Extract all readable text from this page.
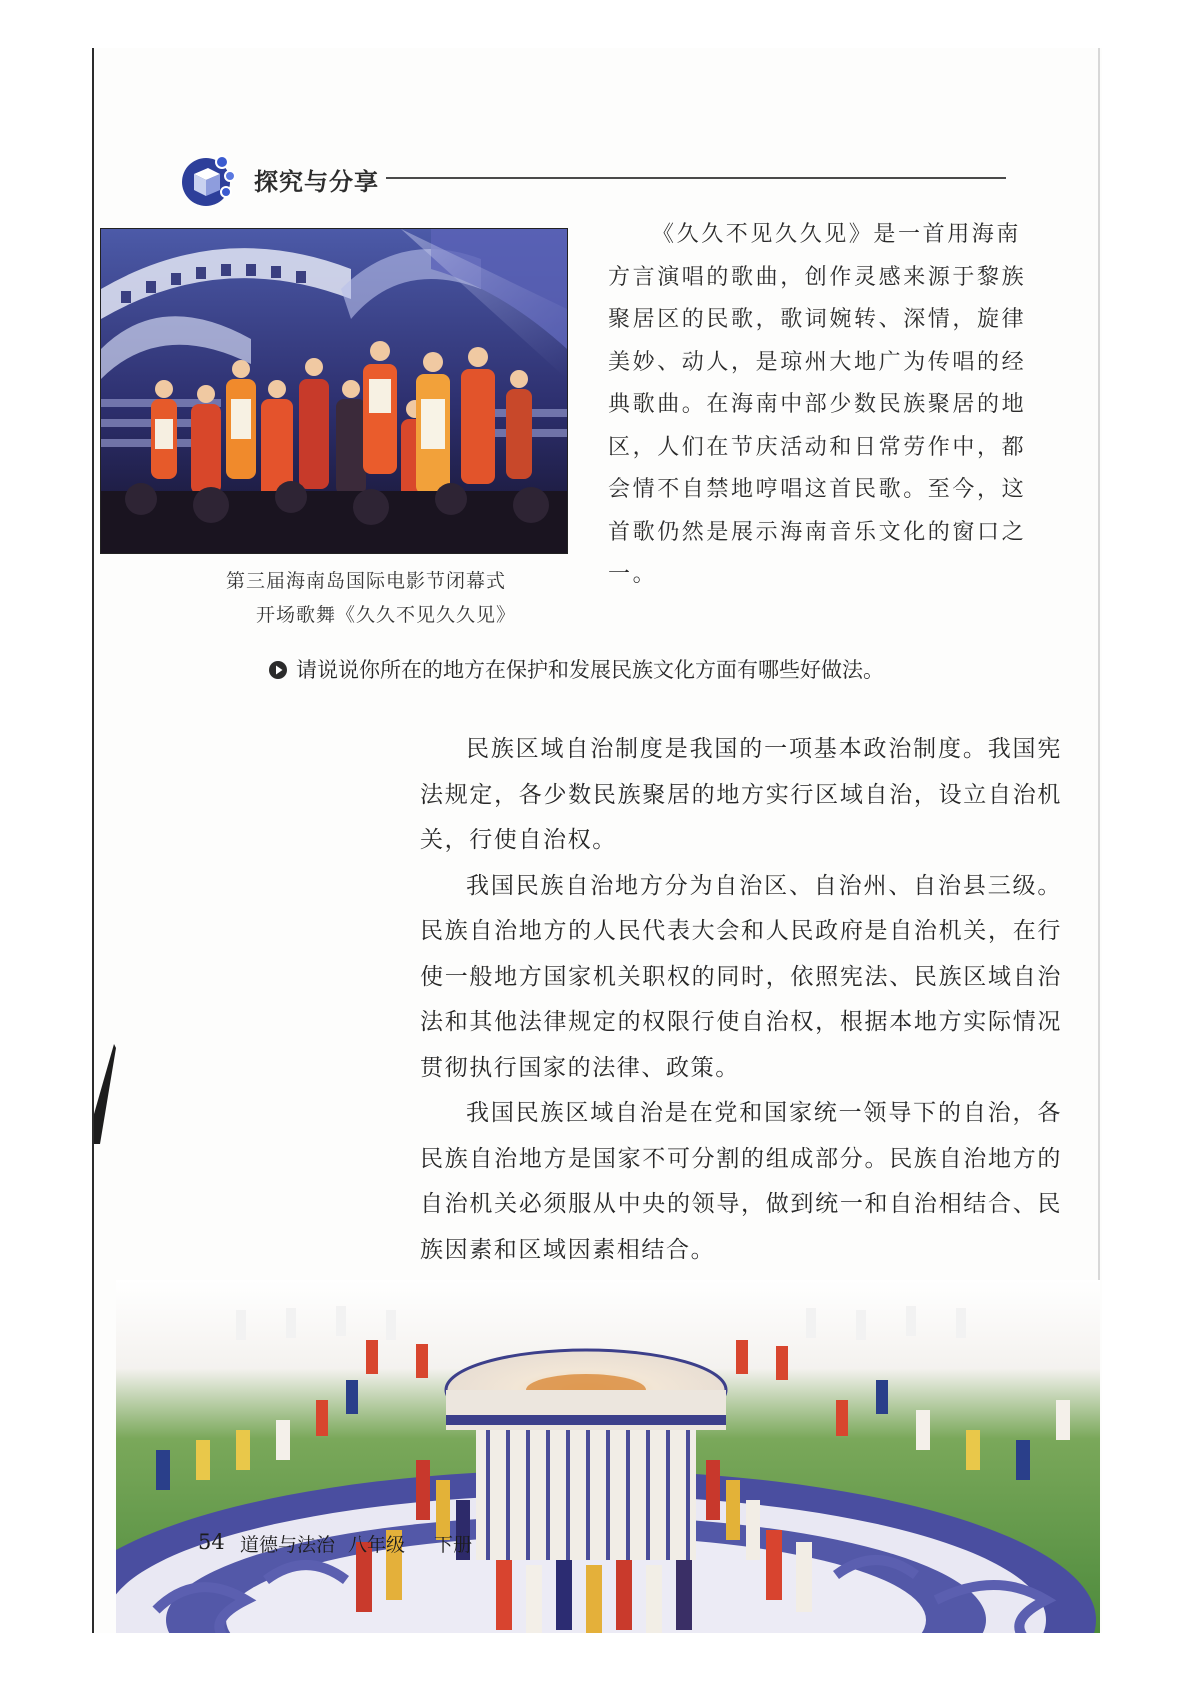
探究与分享
第三届海南岛国际电影节闭幕式
开场歌舞《久久不见久久见》

《久久不见久久见》是一首用海南方言演唱的歌曲，创作灵感来源于黎族聚居区的民歌，歌词婉转、深情，旋律美妙、动人，是琼州大地广为传唱的经典歌曲。在海南中部少数民族聚居的地区，人们在节庆活动和日常劳作中，都会情不自禁地哼唱这首民歌。至今，这首歌仍然是展示海南音乐文化的窗口之一。

请说说你所在的地方在保护和发展民族文化方面有哪些好做法。

民族区域自治制度是我国的一项基本政治制度。我国宪法规定，各少数民族聚居的地方实行区域自治，设立自治机关，行使自治权。

我国民族自治地方分为自治区、自治州、自治县三级。民族自治地方的人民代表大会和人民政府是自治机关，在行使一般地方国家机关职权的同时，依照宪法、民族区域自治法和其他法律规定的权限行使自治权，根据本地方实际情况贯彻执行国家的法律、政策。

我国民族区域自治是在党和国家统一领导下的自治，各民族自治地方是国家不可分割的组成部分。民族自治地方的自治机关必须服从中央的领导，做到统一和自治相结合、民族因素和区域因素相结合。

54 道德与法治 八年级 下册
